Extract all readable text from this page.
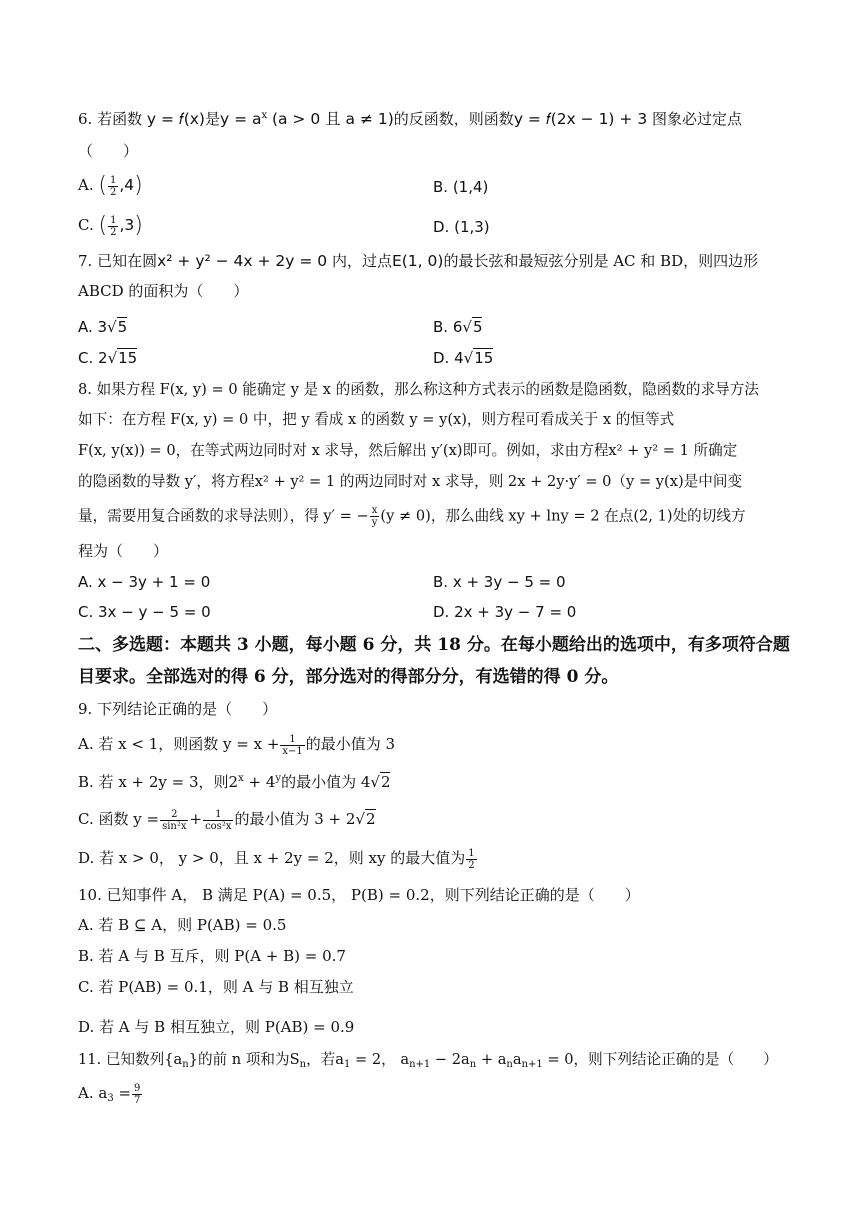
6. 若函数 y = 𝑓(x)是$y = a^x$ (a > 0 且 a ≠ 1)的反函数，则函数y = 𝑓(2x − 1) + 3 图象必过定点
（　　）
A. ( $\frac{1}{2} ,4$)	B. (1,4)
C. ( $\frac{1}{2} ,3$)	D. (1,3)
7. 已知在圆x² + y² − 4x + 2y = 0 内，过点E(1, 0)的最长弦和最短弦分别是 AC 和 BD，则四边形
ABCD 的面积为（　　）
A. 3√5	B. 6√5
C. 2√15	D. 4√15
8. 如果方程 F(x, y) = 0 能确定 y 是 x 的函数，那么称这种方式表示的函数是隐函数，隐函数的求导方法
如下：在方程 F(x, y) = 0 中，把 y 看成 x 的函数 y = y(x)，则方程可看成关于 x 的恒等式
F(x, y(x)) = 0，在等式两边同时对 x 求导，然后解出 y′(x)即可。例如，求由方程x² + y² = 1 所确定
的隐函数的导数 y′，将方程x² + y² = 1 的两边同时对 x 求导，则 2x + 2y·y′ = 0（y = y(x)是中间变
量，需要用复合函数的求导法则），得 y′ = − $\frac{x}{y} (y \ne 0)$，那么曲线 xy + lny = 2 在点(2, 1)处的切线方
程为（　　）
A. x − 3y + 1 = 0	B. x + 3y − 5 = 0
C. 3x − y − 5 = 0	D. 2x + 3y − 7 = 0
二、多选题：本题共 3 小题，每小题 6 分，共 18 分。在每小题给出的选项中，有多项符合题
目要求。全部选对的得 6 分，部分选对的得部分分，有选错的得 0 分。
9. 下列结论正确的是（　　）
A. 若 x < 1，则函数 $y = x + \frac{1}{x-1}$ 的最小值为 3
B. 若 x + 2y = 3，则$2^x + 4^y$的最小值为 4√2
C. 函数 $y = \frac{2}{\text{sin²x}} + \frac{1}{\text{cos²x}}$ 的最小值为 3 + 2√2
D. 若 x > 0， y > 0，且 x + 2y = 2，则 xy 的最大值为 $\frac{1}{2}$
10. 已知事件 A， B 满足 P(A) = 0.5， P(B) = 0.2，则下列结论正确的是（　　）
A. 若 B ⊆ A，则 P(AB) = 0.5
B. 若 A 与 B 互斥，则 P(A + B) = 0.7
C. 若 P(AB) = 0.1，则 A 与 B 相互独立
D. 若 A 与 B 相互独立，则 P(AB) = 0.9
11. 已知数列$\{a_n\}$的前 n 项和为$S_n$，若$a_1 = 2$， $a_{n+1} - 2a_n + a_na_{n+1} = 0$，则下列结论正确的是（　　）
A. $a_3 = \frac{9}{7}$
